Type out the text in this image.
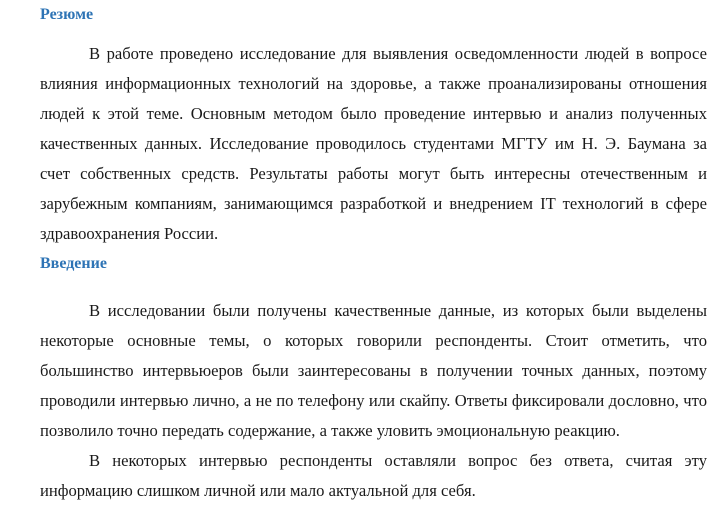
Резюме

В работе проведено исследование для выявления осведомленности людей в вопросе влияния информационных технологий на здоровье, а также проанализированы отношения людей к этой теме. Основным методом было проведение интервью и анализ полученных качественных данных. Исследование проводилось студентами МГТУ им Н. Э. Баумана за счет собственных средств. Результаты работы могут быть интересны отечественным и зарубежным компаниям, занимающимся разработкой и внедрением IT технологий в сфере здравоохранения России.

Введение

В исследовании были получены качественные данные, из которых были выделены некоторые основные темы, о которых говорили респонденты. Стоит отметить, что большинство интервьюеров были заинтересованы в получении точных данных, поэтому проводили интервью лично, а не по телефону или скайпу. Ответы фиксировали дословно, что позволило точно передать содержание, а также уловить эмоциональную реакцию.

В некоторых интервью респонденты оставляли вопрос без ответа, считая эту информацию слишком личной или мало актуальной для себя.
